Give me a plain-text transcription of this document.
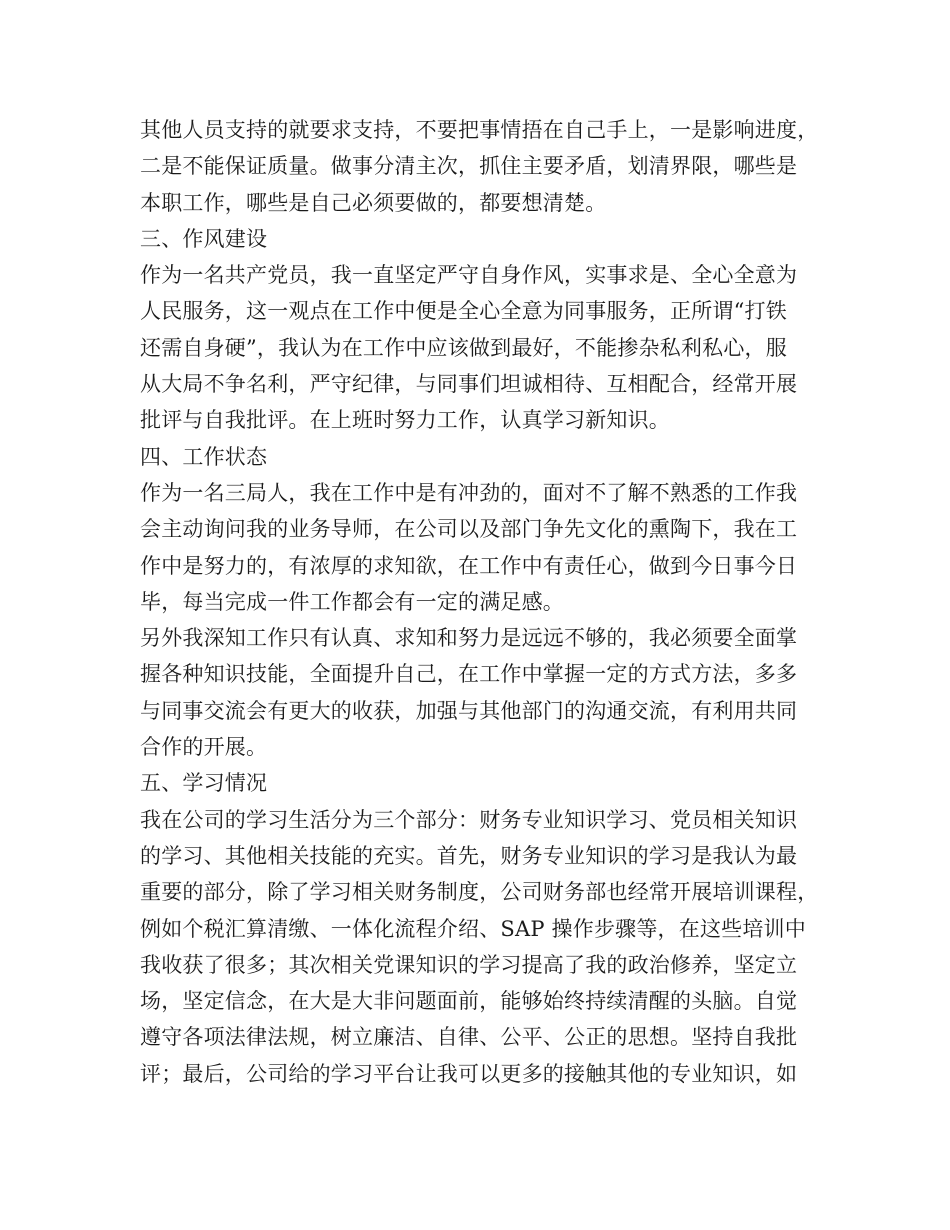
其他人员支持的就要求支持，不要把事情捂在自己手上，一是影响进度，
二是不能保证质量。做事分清主次，抓住主要矛盾，划清界限，哪些是
本职工作，哪些是自己必须要做的，都要想清楚。
三、作风建设
作为一名共产党员，我一直坚定严守自身作风，实事求是、全心全意为
人民服务，这一观点在工作中便是全心全意为同事服务，正所谓“打铁
还需自身硬”，我认为在工作中应该做到最好，不能掺杂私利私心，服
从大局不争名利，严守纪律，与同事们坦诚相待、互相配合，经常开展
批评与自我批评。在上班时努力工作，认真学习新知识。
四、工作状态
作为一名三局人，我在工作中是有冲劲的，面对不了解不熟悉的工作我
会主动询问我的业务导师，在公司以及部门争先文化的熏陶下，我在工
作中是努力的，有浓厚的求知欲，在工作中有责任心，做到今日事今日
毕，每当完成一件工作都会有一定的满足感。
另外我深知工作只有认真、求知和努力是远远不够的，我必须要全面掌
握各种知识技能，全面提升自己，在工作中掌握一定的方式方法，多多
与同事交流会有更大的收获，加强与其他部门的沟通交流，有利用共同
合作的开展。
五、学习情况
我在公司的学习生活分为三个部分：财务专业知识学习、党员相关知识
的学习、其他相关技能的充实。首先，财务专业知识的学习是我认为最
重要的部分，除了学习相关财务制度，公司财务部也经常开展培训课程，
例如个税汇算清缴、一体化流程介绍、SAP 操作步骤等，在这些培训中
我收获了很多；其次相关党课知识的学习提高了我的政治修养，坚定立
场，坚定信念，在大是大非问题面前，能够始终持续清醒的头脑。自觉
遵守各项法律法规，树立廉洁、自律、公平、公正的思想。坚持自我批
评；最后，公司给的学习平台让我可以更多的接触其他的专业知识，如
